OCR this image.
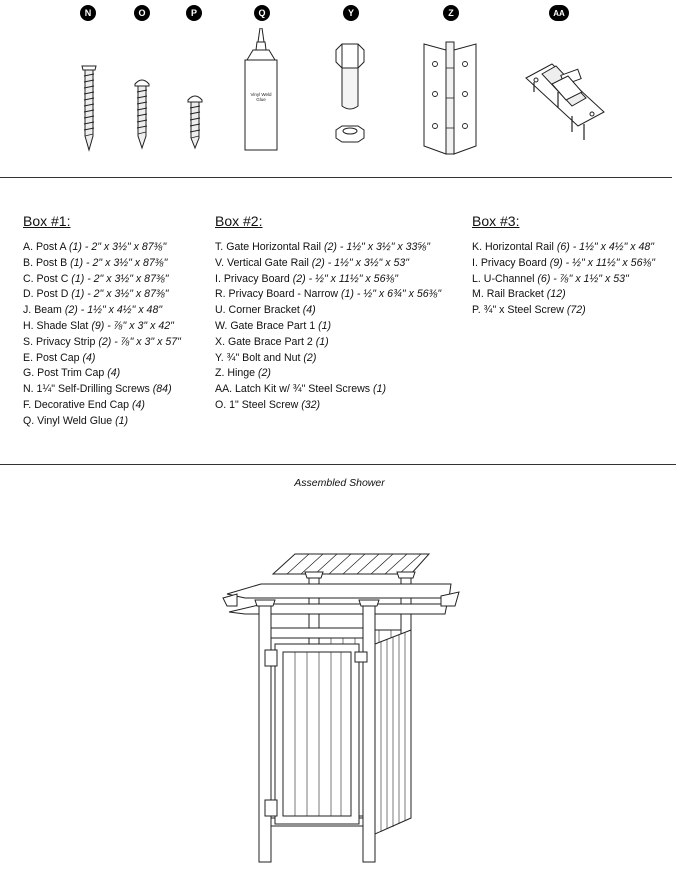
N	O	P	Q	Y	Z	AA
Vinyl Weld Glue
Box #1:
A. Post A (1) - 2" x 3½" x 87⅜"
B. Post B (1) - 2" x 3½" x 87⅜"
C. Post C (1) - 2" x 3½" x 87⅜"
D. Post D (1) - 2" x 3½" x 87⅜"
J. Beam (2) - 1½" x 4½" x 48"
H. Shade Slat (9) - ⅞" x 3" x 42"
S. Privacy Strip (2) - ⅞" x 3" x 57"
E. Post Cap (4)
G. Post Trim Cap (4)
N. 1¼" Self-Drilling Screws (84)
F. Decorative End Cap (4)
Q. Vinyl Weld Glue (1)
Box #2:
T. Gate Horizontal Rail (2) - 1½" x 3½" x 33⅝"
V. Vertical Gate Rail (2) - 1½" x 3½" x 53"
I. Privacy Board (2) - ½" x 11½" x 56⅜"
R. Privacy Board - Narrow (1) - ½" x 6¾" x 56⅜"
U. Corner Bracket (4)
W. Gate Brace Part 1 (1)
X. Gate Brace Part 2 (1)
Y. ¾" Bolt and Nut (2)
Z. Hinge (2)
AA. Latch Kit w/ ¾" Steel Screws (1)
O. 1" Steel Screw (32)
Box #3:
K. Horizontal Rail (6) - 1½" x 4½" x 48"
I. Privacy Board (9) - ½" x 11½" x 56⅜"
L. U-Channel (6) - ⅞" x 1½" x 53"
M. Rail Bracket (12)
P. ¾" x Steel Screw (72)
Assembled Shower
